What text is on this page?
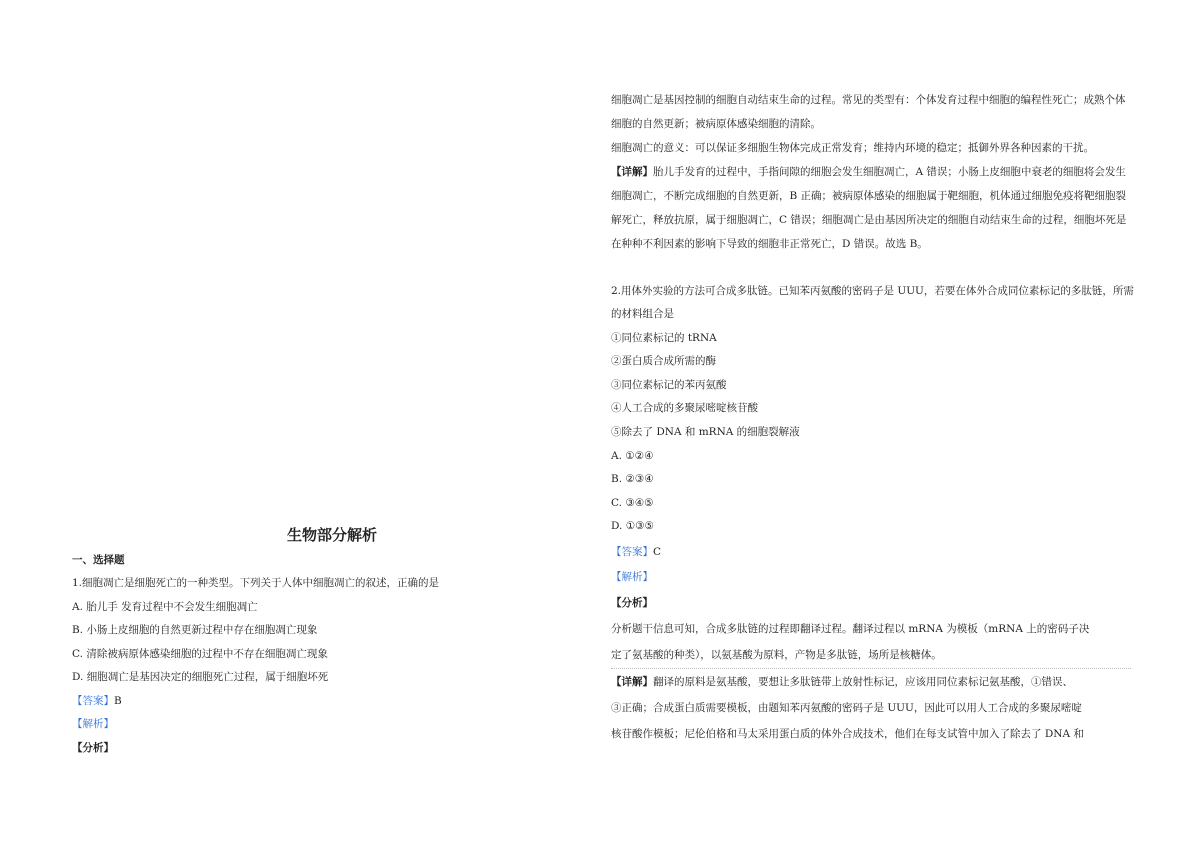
生物部分解析
一、选择题
1.细胞凋亡是细胞死亡的一种类型。下列关于人体中细胞凋亡的叙述，正确的是
A. 胎儿手 发育过程中不会发生细胞凋亡
B. 小肠上皮细胞的自然更新过程中存在细胞凋亡现象
C. 清除被病原体感染细胞的过程中不存在细胞凋亡现象
D. 细胞凋亡是基因决定的细胞死亡过程，属于细胞坏死
【答案】B
【解析】
【分析】
细胞凋亡是基因控制的细胞自动结束生命的过程。常见的类型有：个体发育过程中细胞的编程性死亡；成熟个体
细胞的自然更新；被病原体感染细胞的清除。
细胞凋亡的意义：可以保证多细胞生物体完成正常发育；维持内环境的稳定；抵御外界各种因素的干扰。
【详解】胎儿手发育的过程中，手指间隙的细胞会发生细胞凋亡，A 错误；小肠上皮细胞中衰老的细胞将会发生
细胞凋亡，不断完成细胞的自然更新，B 正确；被病原体感染的细胞属于靶细胞，机体通过细胞免疫将靶细胞裂
解死亡，释放抗原，属于细胞凋亡，C 错误；细胞凋亡是由基因所决定的细胞自动结束生命的过程，细胞坏死是
在种种不利因素的影响下导致的细胞非正常死亡，D 错误。故选 B。
2.用体外实验的方法可合成多肽链。已知苯丙氨酸的密码子是 UUU，若要在体外合成同位素标记的多肽链，所需
的材料组合是
①同位素标记的 tRNA
②蛋白质合成所需的酶
③同位素标记的苯丙氨酸
④人工合成的多聚尿嘧啶核苷酸
⑤除去了 DNA 和 mRNA 的细胞裂解液
A. ①②④
B. ②③④
C. ③④⑤
D. ①③⑤
【答案】C
【解析】
【分析】
分析题干信息可知，合成多肽链的过程即翻译过程。翻译过程以 mRNA 为模板（mRNA 上的密码子决
定了氨基酸的种类），以氨基酸为原料，产物是多肽链，场所是核糖体。
【详解】翻译的原料是氨基酸，要想让多肽链带上放射性标记，应该用同位素标记氨基酸，①错误、
③正确；合成蛋白质需要模板，由题知苯丙氨酸的密码子是 UUU，因此可以用人工合成的多聚尿嘧啶
核苷酸作模板；尼伦伯格和马太采用蛋白质的体外合成技术，他们在每支试管中加入了除去了 DNA 和
